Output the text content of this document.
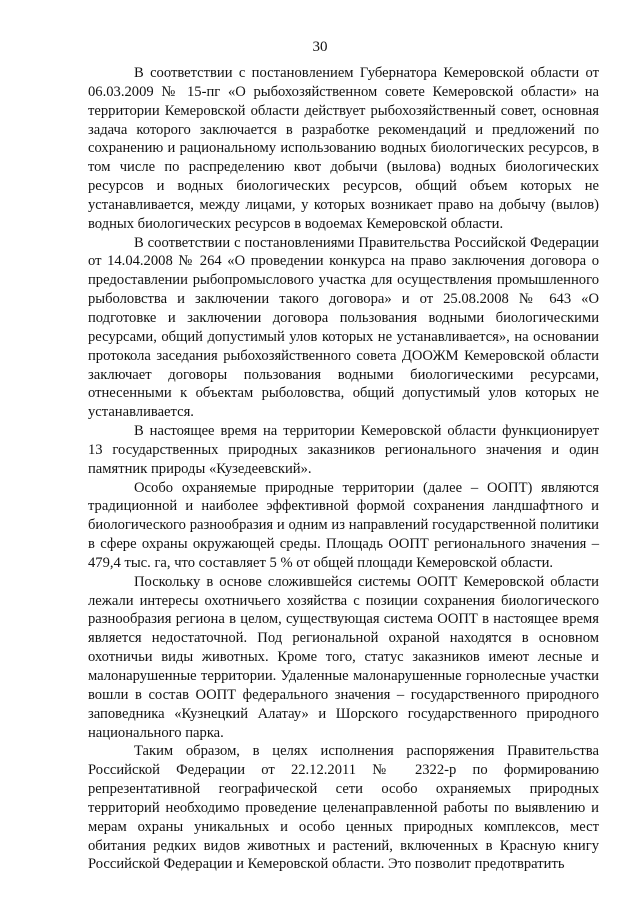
30

В соответствии с постановлением Губернатора Кемеровской области от 06.03.2009 № 15-пг «О рыбохозяйственном совете Кемеровской области» на территории Кемеровской области действует рыбохозяйственный совет, основная задача которого заключается в разработке рекомендаций и предложений по сохранению и рациональному использованию водных биологических ресурсов, в том числе по распределению квот добычи (вылова) водных биологических ресурсов и водных биологических ресурсов, общий объем которых не устанавливается, между лицами, у которых возникает право на добычу (вылов) водных биологических ресурсов в водоемах Кемеровской области.

В соответствии с постановлениями Правительства Российской Федерации от 14.04.2008 № 264 «О проведении конкурса на право заключения договора о предоставлении рыбопромыслового участка для осуществления промышленного рыболовства и заключении такого договора» и от 25.08.2008 № 643 «О подготовке и заключении договора пользования водными биологическими ресурсами, общий допустимый улов которых не устанавливается», на основании протокола заседания рыбохозяйственного совета ДООЖМ Кемеровской области заключает договоры пользования водными биологическими ресурсами, отнесенными к объектам рыболовства, общий допустимый улов которых не устанавливается.

В настоящее время на территории Кемеровской области функционирует 13 государственных природных заказников регионального значения и один памятник природы «Кузедеевский».

Особо охраняемые природные территории (далее – ООПТ) являются традиционной и наиболее эффективной формой сохранения ландшафтного и биологического разнообразия и одним из направлений государственной политики в сфере охраны окружающей среды. Площадь ООПТ регионального значения – 479,4 тыс. га, что составляет 5 % от общей площади Кемеровской области.

Поскольку в основе сложившейся системы ООПТ Кемеровской области лежали интересы охотничьего хозяйства с позиции сохранения биологического разнообразия региона в целом, существующая система ООПТ в настоящее время является недостаточной. Под региональной охраной находятся в основном охотничьи виды животных. Кроме того, статус заказников имеют лесные и малонарушенные территории. Удаленные малонарушенные горнолесные участки вошли в состав ООПТ федерального значения – государственного природного заповедника «Кузнецкий Алатау» и Шорского государственного природного национального парка.

Таким образом, в целях исполнения распоряжения Правительства Российской Федерации от 22.12.2011 № 2322-р по формированию репрезентативной географической сети особо охраняемых природных территорий необходимо проведение целенаправленной работы по выявлению и мерам охраны уникальных и особо ценных природных комплексов, мест обитания редких видов животных и растений, включенных в Красную книгу Российской Федерации и Кемеровской области. Это позволит предотвратить
